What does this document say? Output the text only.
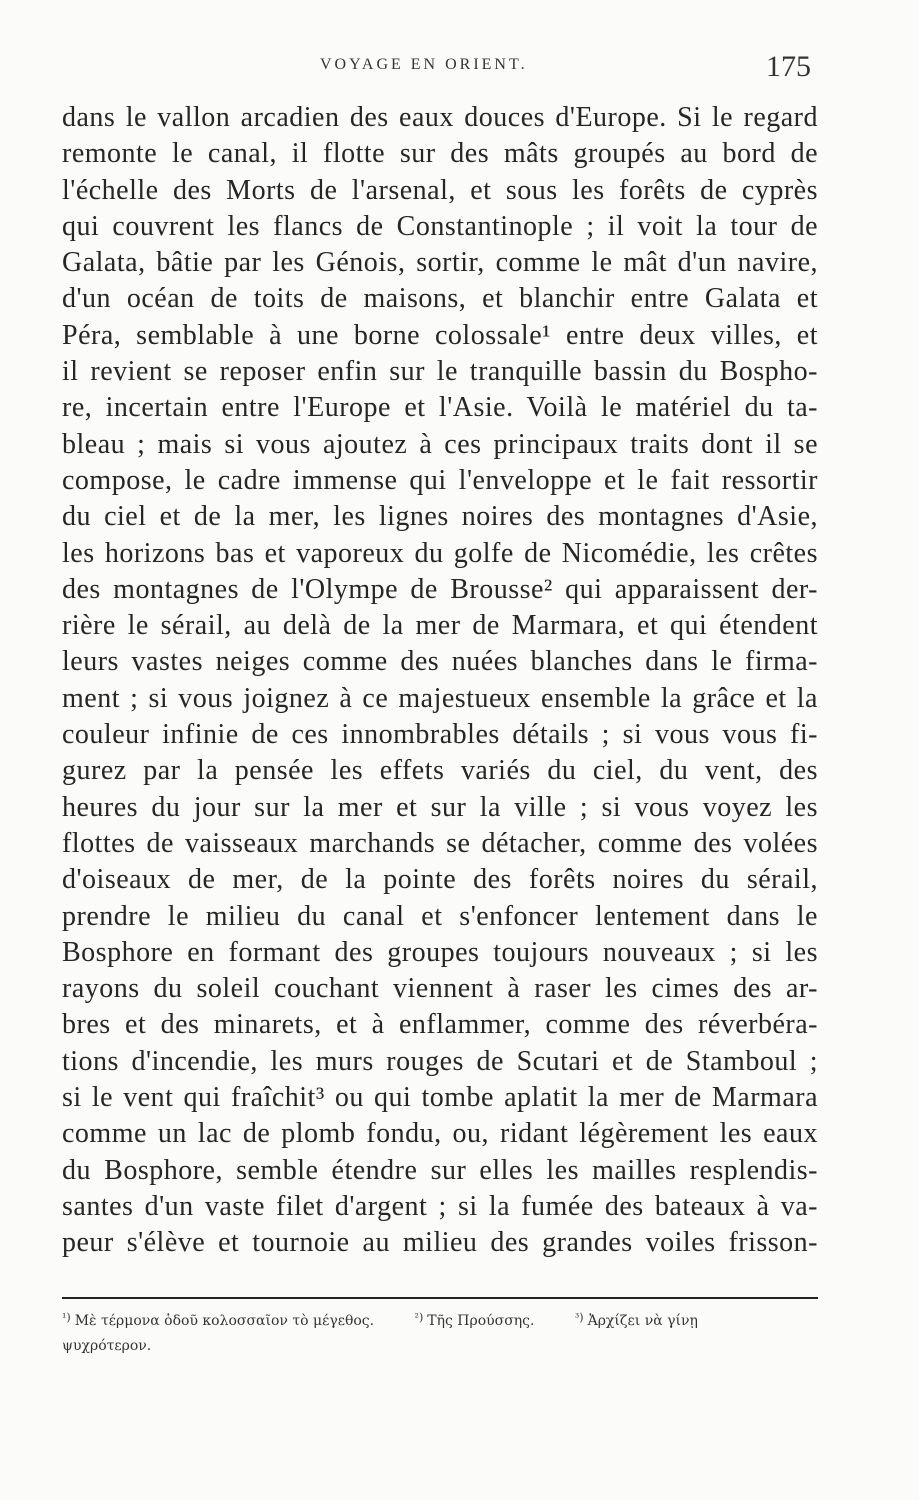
VOYAGE EN ORIENT.	175
dans le vallon arcadien des eaux douces d'Europe. Si le regard
remonte le canal, il flotte sur des mâts groupés au bord de
l'échelle des Morts de l'arsenal, et sous les forêts de cyprès
qui couvrent les flancs de Constantinople ; il voit la tour de
Galata, bâtie par les Génois, sortir, comme le mât d'un navire,
d'un océan de toits de maisons, et blanchir entre Galata et
Péra, semblable à une borne colossale¹ entre deux villes, et
il revient se reposer enfin sur le tranquille bassin du Bospho-
re, incertain entre l'Europe et l'Asie. Voilà le matériel du ta-
bleau ; mais si vous ajoutez à ces principaux traits dont il se
compose, le cadre immense qui l'enveloppe et le fait ressortir
du ciel et de la mer, les lignes noires des montagnes d'Asie,
les horizons bas et vaporeux du golfe de Nicomédie, les crêtes
des montagnes de l'Olympe de Brousse² qui apparaissent der-
rière le sérail, au delà de la mer de Marmara, et qui étendent
leurs vastes neiges comme des nuées blanches dans le firma-
ment ; si vous joignez à ce majestueux ensemble la grâce et la
couleur infinie de ces innombrables détails ; si vous vous fi-
gurez par la pensée les effets variés du ciel, du vent, des
heures du jour sur la mer et sur la ville ; si vous voyez les
flottes de vaisseaux marchands se détacher, comme des volées
d'oiseaux de mer, de la pointe des forêts noires du sérail,
prendre le milieu du canal et s'enfoncer lentement dans le
Bosphore en formant des groupes toujours nouveaux ; si les
rayons du soleil couchant viennent à raser les cimes des ar-
bres et des minarets, et à enflammer, comme des réverbéra-
tions d'incendie, les murs rouges de Scutari et de Stamboul ;
si le vent qui fraîchit³ ou qui tombe aplatit la mer de Marmara
comme un lac de plomb fondu, ou, ridant légèrement les eaux
du Bosphore, semble étendre sur elles les mailles resplendis-
santes d'un vaste filet d'argent ; si la fumée des bateaux à va-
peur s'élève et tournoie au milieu des grandes voiles frisson-
$^{^1)}$ Μὲ τέρμονα ὁδοῦ κολοσσαῖον τὸ μέγεθος.	$^{^2)}$ Τῆς Προύσσης.	$^{^3)}$ Ἀρχίζει νὰ γίνῃ
ψυχρότερον.
